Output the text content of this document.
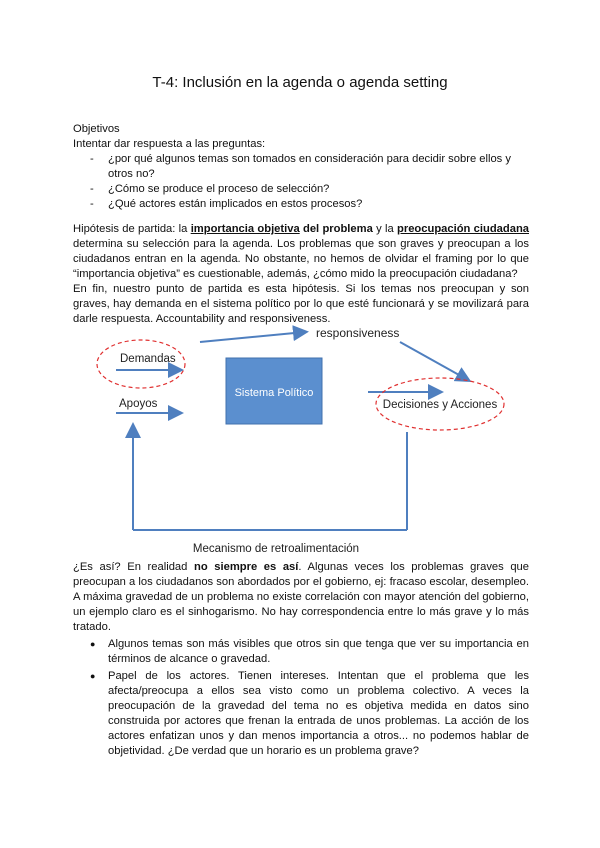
T-4: Inclusión en la agenda o agenda setting

Objetivos

Intentar dar respuesta a las preguntas:

- ¿por qué algunos temas son tomados en consideración para decidir sobre ellos y otros no?
- ¿Cómo se produce el proceso de selección?
- ¿Qué actores están implicados en estos procesos?

Hipótesis de partida: la importancia objetiva del problema y la preocupación ciudadana determina su selección para la agenda. Los problemas que son graves y preocupan a los ciudadanos entran en la agenda. No obstante, no hemos de olvidar el framing por lo que “importancia objetiva” es cuestionable, además, ¿cómo mido la preocupación ciudadana?

En fin, nuestro punto de partida es esta hipótesis. Si los temas nos preocupan y son graves, hay demanda en el sistema político por lo que esté funcionará y se movilizará para darle respuesta. Accountability and responsiveness.

responsiveness
Demandas
Apoyos
Sistema Político
Decisiones y Acciones
Mecanismo de retroalimentación

¿Es así? En realidad no siempre es así. Algunas veces los problemas graves que preocupan a los ciudadanos son abordados por el gobierno, ej: fracaso escolar, desempleo. A máxima gravedad de un problema no existe correlación con mayor atención del gobierno, un ejemplo claro es el sinhogarismo. No hay correspondencia entre lo más grave y lo más tratado.

● Algunos temas son más visibles que otros sin que tenga que ver su importancia en términos de alcance o gravedad.
● Papel de los actores. Tienen intereses. Intentan que el problema que les afecta/preocupa a ellos sea visto como un problema colectivo. A veces la preocupación de la gravedad del tema no es objetiva medida en datos sino construida por actores que frenan la entrada de unos problemas. La acción de los actores enfatizan unos y dan menos importancia a otros... no podemos hablar de objetividad. ¿De verdad que un horario es un problema grave?
